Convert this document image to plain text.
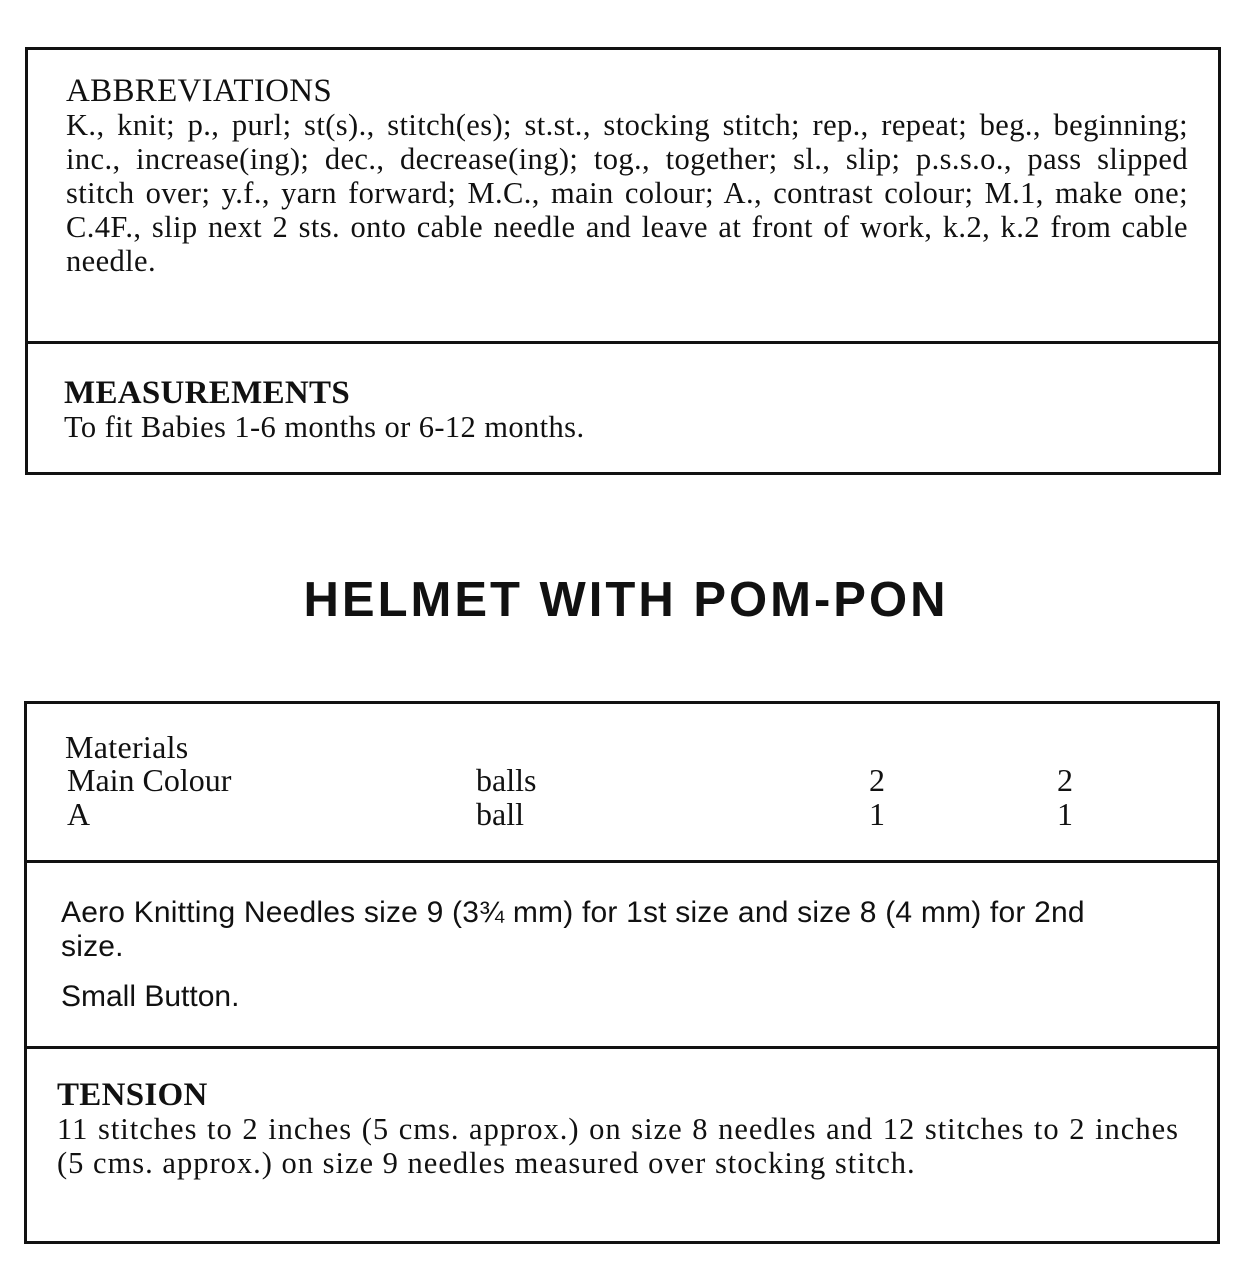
ABBREVIATIONS
K., knit; p., purl; st(s)., stitch(es); st.st., stocking stitch; rep., repeat; beg., beginning; inc., increase(ing); dec., decrease(ing); tog., together; sl., slip; p.s.s.o., pass slipped stitch over; y.f., yarn forward; M.C., main colour; A., contrast colour; M.1, make one; C.4F., slip next 2 sts. onto cable needle and leave at front of work, k.2, k.2 from cable needle.
MEASUREMENTS
To fit Babies 1-6 months or 6-12 months.
HELMET WITH POM-PON
Materials
Main Colour	balls	2	2
A	ball	1	1

Aero Knitting Needles size 9 (3¾ mm) for 1st size and size 8 (4 mm) for 2nd size.

Small Button.

TENSION
11 stitches to 2 inches (5 cms. approx.) on size 8 needles and 12 stitches to 2 inches (5 cms. approx.) on size 9 needles measured over stocking stitch.
